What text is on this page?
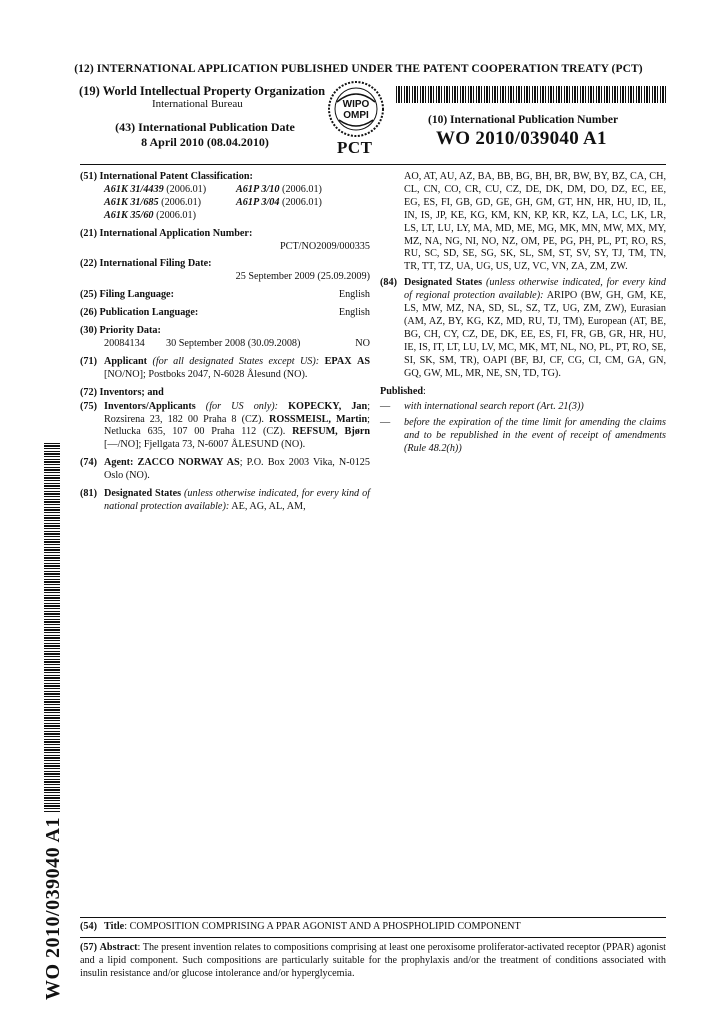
(12) INTERNATIONAL APPLICATION PUBLISHED UNDER THE PATENT COOPERATION TREATY (PCT)
(19) World Intellectual Property Organization
International Bureau	WIPO
OMPI
(43) International Publication Date
8 April 2010 (08.04.2010)	PCT
(10) International Publication Number
WO 2010/039040 A1
(51) International Patent Classification:
A61K 31/4439 (2006.01)	A61P 3/10 (2006.01)
A61K 31/685 (2006.01)	A61P 3/04 (2006.01)
A61K 35/60 (2006.01)
(21) International Application Number:
PCT/NO2009/000335
(22) International Filing Date:
25 September 2009 (25.09.2009)
(25) Filing Language:	English
(26) Publication Language:	English
(30) Priority Data:
20084134	30 September 2008 (30.09.2008)	NO
(71) Applicant (for all designated States except US): EPAX AS [NO/NO]; Postboks 2047, N-6028 Ålesund (NO).
(72) Inventors; and
(75) Inventors/Applicants (for US only): KOPECKY, Jan; Rozsirena 23, 182 00 Praha 8 (CZ). ROSSMEISL, Martin; Netlucka 635, 107 00 Praha 112 (CZ). REFSUM, Bjørn [—/NO]; Fjellgata 73, N-6007 ÅLESUND (NO).
(74) Agent: ZACCO NORWAY AS; P.O. Box 2003 Vika, N-0125 Oslo (NO).
(81) Designated States (unless otherwise indicated, for every kind of national protection available): AE, AG, AL, AM,
AO, AT, AU, AZ, BA, BB, BG, BH, BR, BW, BY, BZ, CA, CH, CL, CN, CO, CR, CU, CZ, DE, DK, DM, DO, DZ, EC, EE, EG, ES, FI, GB, GD, GE, GH, GM, GT, HN, HR, HU, ID, IL, IN, IS, JP, KE, KG, KM, KN, KP, KR, KZ, LA, LC, LK, LR, LS, LT, LU, LY, MA, MD, ME, MG, MK, MN, MW, MX, MY, MZ, NA, NG, NI, NO, NZ, OM, PE, PG, PH, PL, PT, RO, RS, RU, SC, SD, SE, SG, SK, SL, SM, ST, SV, SY, TJ, TM, TN, TR, TT, TZ, UA, UG, US, UZ, VC, VN, ZA, ZM, ZW.
(84) Designated States (unless otherwise indicated, for every kind of regional protection available): ARIPO (BW, GH, GM, KE, LS, MW, MZ, NA, SD, SL, SZ, TZ, UG, ZM, ZW), Eurasian (AM, AZ, BY, KG, KZ, MD, RU, TJ, TM), European (AT, BE, BG, CH, CY, CZ, DE, DK, EE, ES, FI, FR, GB, GR, HR, HU, IE, IS, IT, LT, LU, LV, MC, MK, MT, NL, NO, PL, PT, RO, SE, SI, SK, SM, TR), OAPI (BF, BJ, CF, CG, CI, CM, GA, GN, GQ, GW, ML, MR, NE, SN, TD, TG).
Published:
—	with international search report (Art. 21(3))
—	before the expiration of the time limit for amending the claims and to be republished in the event of receipt of amendments (Rule 48.2(h))
WO 2010/039040 A1 (54) Title: COMPOSITION COMPRISING A PPAR AGONIST AND A PHOSPHOLIPID COMPONENT
(57) Abstract: The present invention relates to compositions comprising at least one peroxisome proliferator-activated receptor (PPAR) agonist and a lipid component. Such compositions are particularly suitable for the prophylaxis and/or the treatment of conditions associated with insulin resistance and/or glucose intolerance and/or hyperglycemia.
